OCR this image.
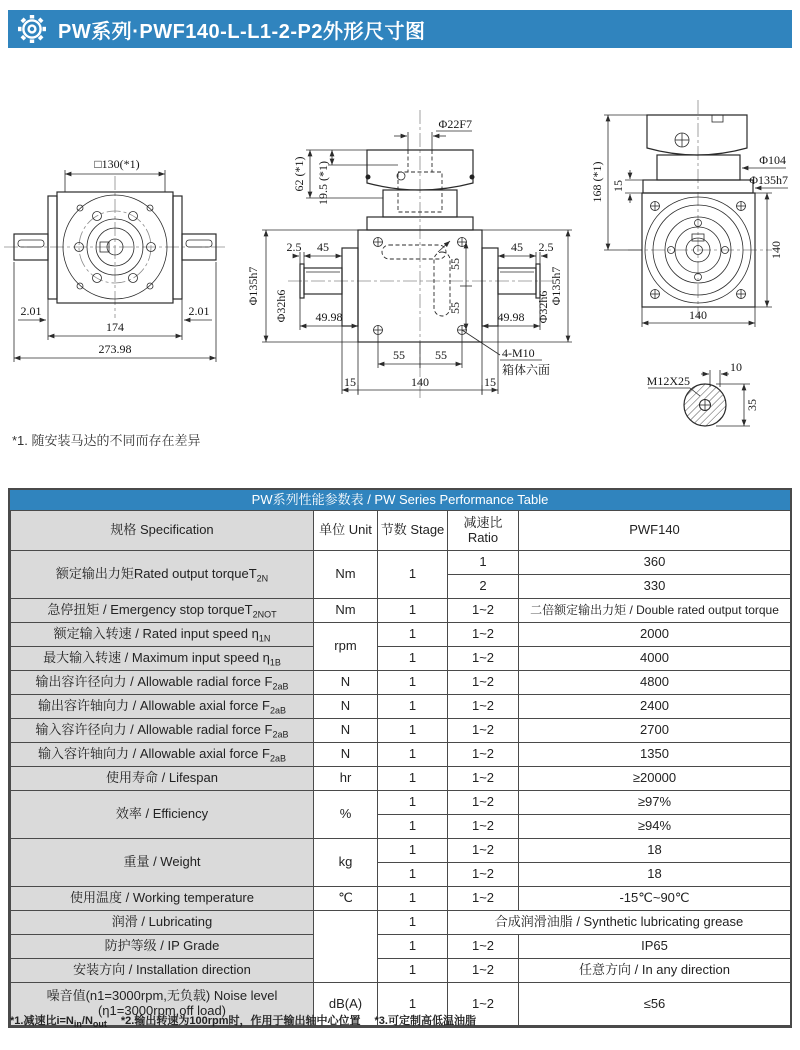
PW系列·PWF140-L-L1-2-P2外形尺寸图
□130(*1)
2.01	2.01
174
273.98
Φ22F7
62 (*1) 19.5 (*1)
2.5 45
49.98
Φ32h6
Φ135h7
45 2.5
49.98 Φ32h6
Φ135h7
55
55
55	55
15	140	15
4-M10
箱体六面
168 (*1) 15
Φ104
Φ135h7
140
140
M12X25
10
35
*1. 随安装马达的不同而存在差异
PW系列性能参数表 / PW Series Performance Table
规格 Specification	单位 Unit	节数 Stage	减速比 Ratio	PWF140
额定输出力矩Rated output torqueT$_{2N}$	Nm	1	1	360
			2	330
急停扭矩 / Emergency stop torqueT$_{2NOT}$	Nm	1	1~2	二倍额定输出力矩 / Double rated output torque
额定输入转速 / Rated input speed $\eta_{1N}$	rpm	1	1~2	2000
最大输入转速 / Maximum input speed $\eta_{1B}$		1	1~2	4000
输出容许径向力 / Allowable radial force $F_{2aB}$	N	1	1~2	4800
输出容许轴向力 / Allowable axial force $F_{2aB}$	N	1	1~2	2400
输入容许径向力 / Allowable radial force $F_{2aB}$	N	1	1~2	2700
输入容许轴向力 / Allowable axial force $F_{2aB}$	N	1	1~2	1350
使用寿命 / Lifespan	hr	1	1~2	≥20000
效率 / Efficiency	%	1	1~2	≥97%
		1	1~2	≥94%
重量 / Weight	kg	1	1~2	18
		1	1~2	18
使用温度 / Working temperature	℃	1	1~2	-15℃~90℃
润滑 / Lubricating		1	合成润滑油脂 / Synthetic lubricating grease	
防护等级 / IP Grade		1	1~2	IP65
安装方向 / Installation direction		1	1~2	任意方向 / In any direction

噪音值(n1=3000rpm,无负载) Noise level
(η1=3000rpm,off load)	dB(A)	1	1~2	≤56
*1.减速比$i=N_{in}/N_{out}$ *2.输出转速为100rpm时，作用于输出轴中心位置 *3.可定制高低温油脂
